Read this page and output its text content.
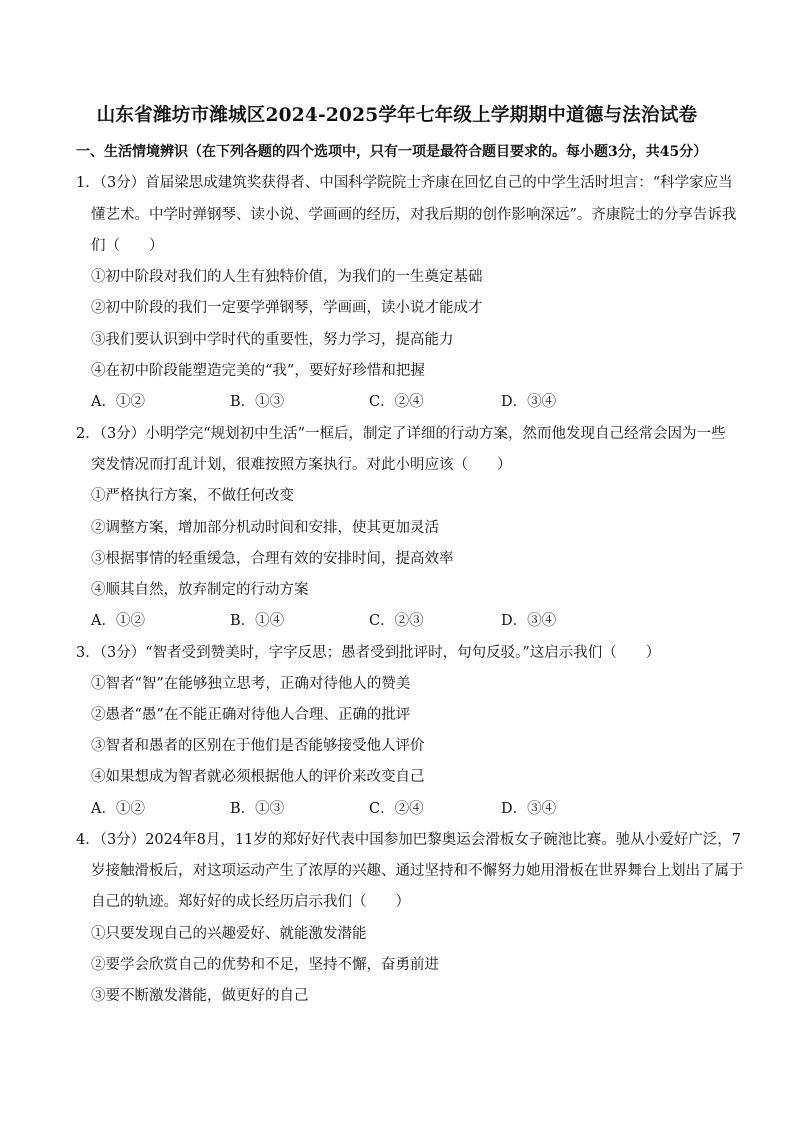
山东省潍坊市潍城区2024-2025学年七年级上学期期中道德与法治试卷
一、生活情境辨识（在下列各题的四个选项中，只有一项是最符合题目要求的。每小题3分，共45分）
1．（3分）首届梁思成建筑奖获得者、中国科学院院士齐康在回忆自己的中学生活时坦言：“科学家应当
懂艺术。中学时弹钢琴、读小说、学画画的经历，对我后期的创作影响深远”。齐康院士的分享告诉我
们（　　）
①初中阶段对我们的人生有独特价值，为我们的一生奠定基础
②初中阶段的我们一定要学弹钢琴，学画画，读小说才能成才
③我们要认识到中学时代的重要性，努力学习，提高能力
④在初中阶段能塑造完美的“我”，要好好珍惜和把握
A．①②	B．①③	C．②④	D．③④
2．（3分）小明学完“规划初中生活”一框后，制定了详细的行动方案，然而他发现自己经常会因为一些
突发情况而打乱计划，很难按照方案执行。对此小明应该（　　）
①严格执行方案，不做任何改变
②调整方案，增加部分机动时间和安排，使其更加灵活
③根据事情的轻重缓急，合理有效的安排时间，提高效率
④顺其自然，放弃制定的行动方案
A．①②	B．①④	C．②③	D．③④
3．（3分）“智者受到赞美时，字字反思；愚者受到批评时，句句反驳。”这启示我们（　　）
①智者“智”在能够独立思考，正确对待他人的赞美
②愚者“愚”在不能正确对待他人合理、正确的批评
③智者和愚者的区别在于他们是否能够接受他人评价
④如果想成为智者就必须根据他人的评价来改变自己
A．①②	B．①③	C．②④	D．③④
4．（3分）2024年8月，11岁的郑好好代表中国参加巴黎奥运会滑板女子碗池比赛。驰从小爱好广泛，7
岁接触滑板后，对这项运动产生了浓厚的兴趣、通过坚持和不懈努力她用滑板在世界舞台上划出了属于
自己的轨迹。郑好好的成长经历启示我们（　　）
①只要发现自己的兴趣爱好、就能激发潜能
②要学会欣赏自己的优势和不足，坚持不懈，奋勇前进
③要不断激发潜能，做更好的自己
